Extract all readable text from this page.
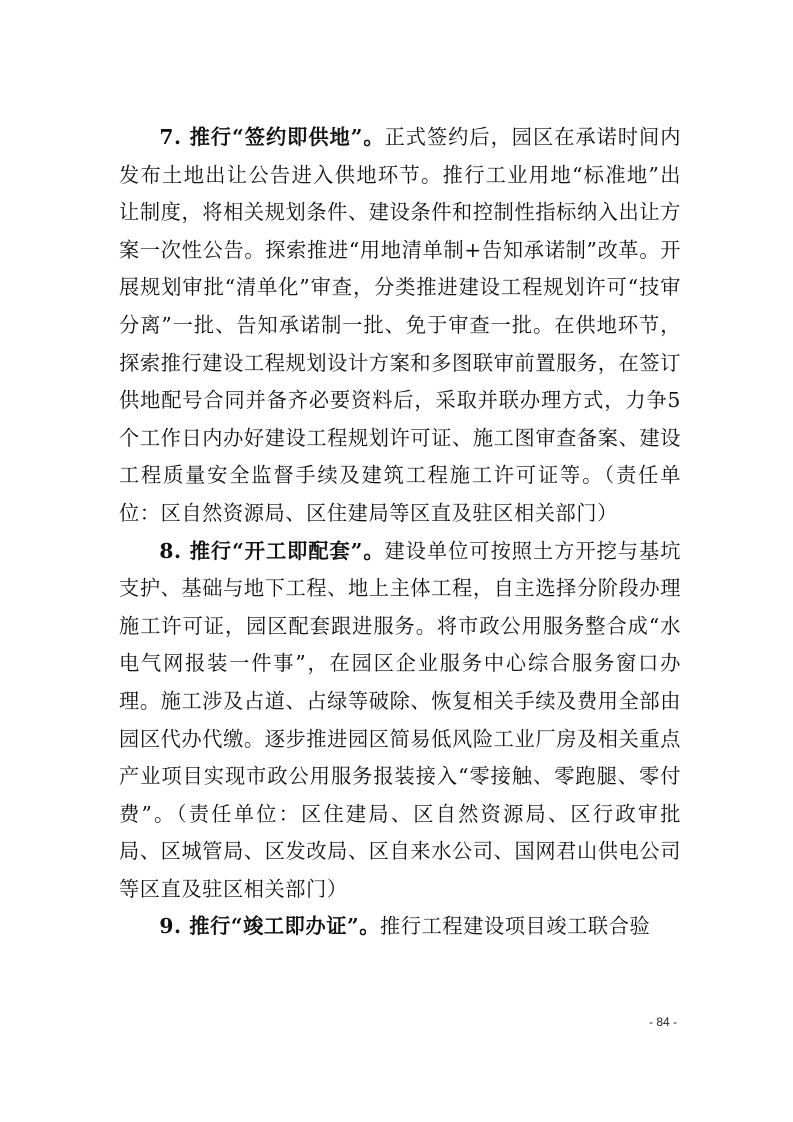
7. 推行“签约即供地”。正式签约后，园区在承诺时间内发布土地出让公告进入供地环节。推行工业用地“标准地”出让制度，将相关规划条件、建设条件和控制性指标纳入出让方案一次性公告。探索推进“用地清单制+告知承诺制”改革。开展规划审批“清单化”审查，分类推进建设工程规划许可“技审分离”一批、告知承诺制一批、免于审查一批。在供地环节，探索推行建设工程规划设计方案和多图联审前置服务，在签订供地配号合同并备齐必要资料后，采取并联办理方式，力争5个工作日内办好建设工程规划许可证、施工图审查备案、建设工程质量安全监督手续及建筑工程施工许可证等。（责任单位：区自然资源局、区住建局等区直及驻区相关部门）

8. 推行“开工即配套”。建设单位可按照土方开挖与基坑支护、基础与地下工程、地上主体工程，自主选择分阶段办理施工许可证，园区配套跟进服务。将市政公用服务整合成“水电气网报装一件事”，在园区企业服务中心综合服务窗口办理。施工涉及占道、占绿等破除、恢复相关手续及费用全部由园区代办代缴。逐步推进园区简易低风险工业厂房及相关重点产业项目实现市政公用服务报装接入“零接触、零跑腿、零付费”。（责任单位：区住建局、区自然资源局、区行政审批局、区城管局、区发改局、区自来水公司、国网君山供电公司等区直及驻区相关部门）

9. 推行“竣工即办证”。推行工程建设项目竣工联合验

- 84 -
